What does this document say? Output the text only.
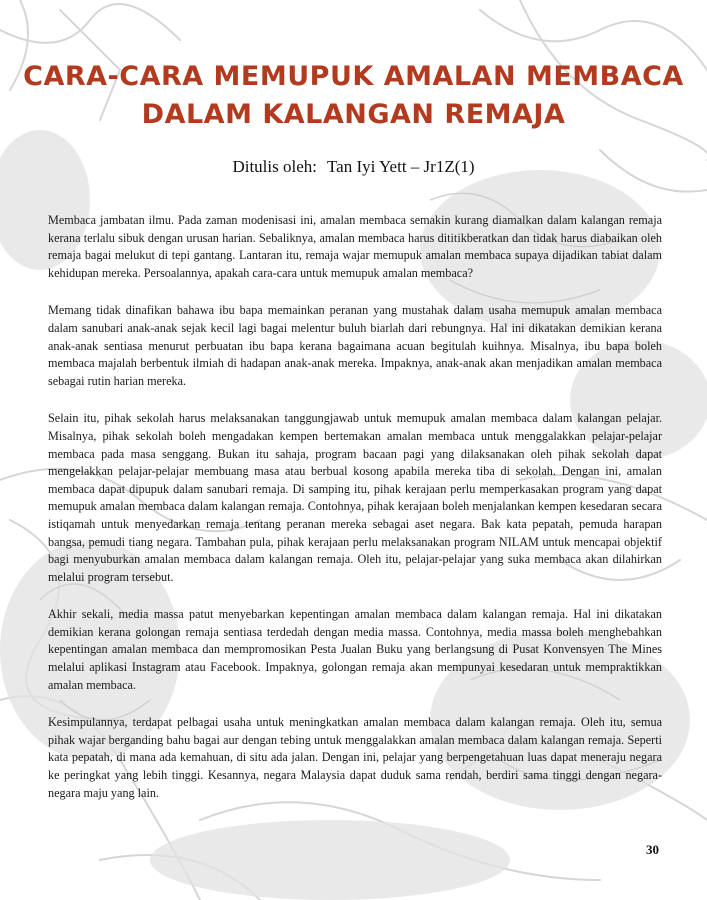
CARA-CARA MEMUPUK AMALAN MEMBACA
DALAM KALANGAN REMAJA
Ditulis oleh: Tan Iyi Yett – Jr1Z(1)

Membaca jambatan ilmu. Pada zaman modenisasi ini, amalan membaca semakin kurang diamalkan dalam kalangan remaja kerana terlalu sibuk dengan urusan harian. Sebaliknya, amalan membaca harus dititikberatkan dan tidak harus diabaikan oleh remaja bagai melukut di tepi gantang. Lantaran itu, remaja wajar memupuk amalan membaca supaya dijadikan tabiat dalam kehidupan mereka. Persoalannya, apakah cara-cara untuk memupuk amalan membaca?

Memang tidak dinafikan bahawa ibu bapa memainkan peranan yang mustahak dalam usaha memupuk amalan membaca dalam sanubari anak-anak sejak kecil lagi bagai melentur buluh biarlah dari rebungnya. Hal ini dikatakan demikian kerana anak-anak sentiasa menurut perbuatan ibu bapa kerana bagaimana acuan begitulah kuihnya. Misalnya, ibu bapa boleh membaca majalah berbentuk ilmiah di hadapan anak-anak mereka. Impaknya, anak-anak akan menjadikan amalan membaca sebagai rutin harian mereka.

Selain itu, pihak sekolah harus melaksanakan tanggungjawab untuk memupuk amalan membaca dalam kalangan pelajar. Misalnya, pihak sekolah boleh mengadakan kempen bertemakan amalan membaca untuk menggalakkan pelajar-pelajar membaca pada masa senggang. Bukan itu sahaja, program bacaan pagi yang dilaksanakan oleh pihak sekolah dapat mengelakkan pelajar-pelajar membuang masa atau berbual kosong apabila mereka tiba di sekolah. Dengan ini, amalan membaca dapat dipupuk dalam sanubari remaja. Di samping itu, pihak kerajaan perlu memperkasakan program yang dapat memupuk amalan membaca dalam kalangan remaja. Contohnya, pihak kerajaan boleh menjalankan kempen kesedaran secara istiqamah untuk menyedarkan remaja tentang peranan mereka sebagai aset negara. Bak kata pepatah, pemuda harapan bangsa, pemudi tiang negara. Tambahan pula, pihak kerajaan perlu melaksanakan program NILAM untuk mencapai objektif bagi menyuburkan amalan membaca dalam kalangan remaja. Oleh itu, pelajar-pelajar yang suka membaca akan dilahirkan melalui program tersebut.

Akhir sekali, media massa patut menyebarkan kepentingan amalan membaca dalam kalangan remaja. Hal ini dikatakan demikian kerana golongan remaja sentiasa terdedah dengan media massa. Contohnya, media massa boleh menghebahkan kepentingan amalan membaca dan mempromosikan Pesta Jualan Buku yang berlangsung di Pusat Konvensyen The Mines melalui aplikasi Instagram atau Facebook. Impaknya, golongan remaja akan mempunyai kesedaran untuk mempraktikkan amalan membaca.

Kesimpulannya, terdapat pelbagai usaha untuk meningkatkan amalan membaca dalam kalangan remaja. Oleh itu, semua pihak wajar berganding bahu bagai aur dengan tebing untuk menggalakkan amalan membaca dalam kalangan remaja. Seperti kata pepatah, di mana ada kemahuan, di situ ada jalan. Dengan ini, pelajar yang berpengetahuan luas dapat meneraju negara ke peringkat yang lebih tinggi. Kesannya, negara Malaysia dapat duduk sama rendah, berdiri sama tinggi dengan negara-negara maju yang lain.

30
